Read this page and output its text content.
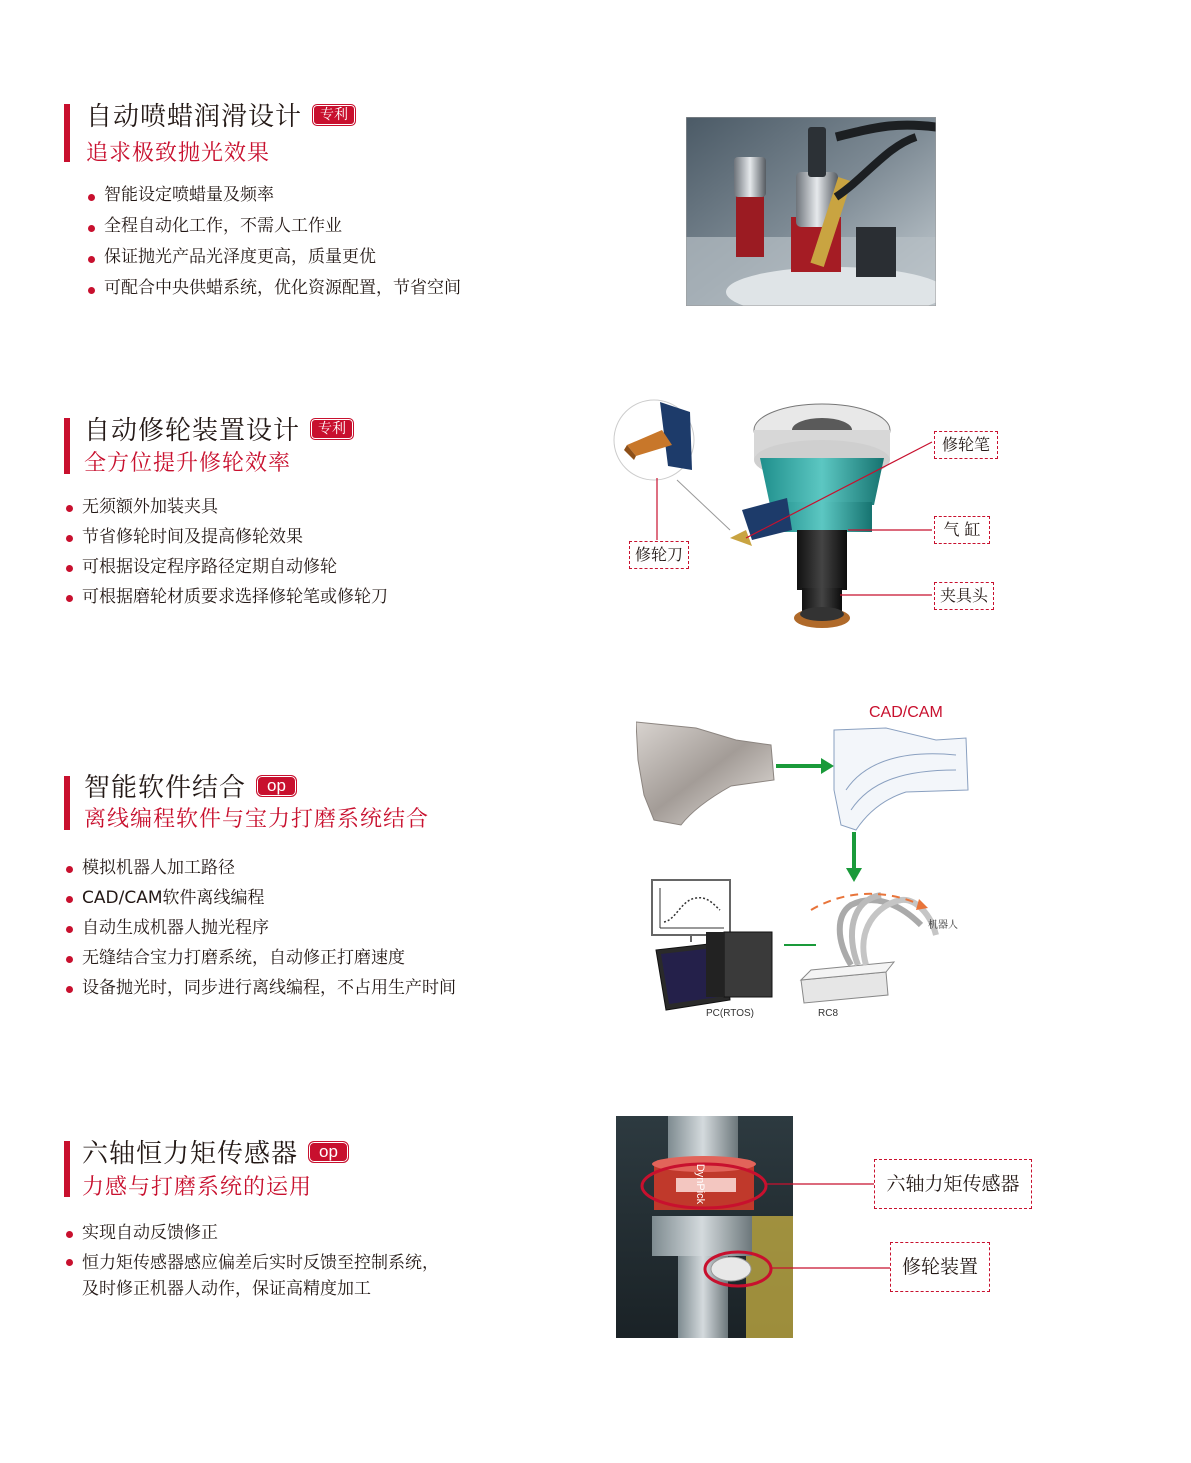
自动喷蜡润滑设计	专利
追求极致抛光效果
智能设定喷蜡量及频率
全程自动化工作，不需人工作业
保证抛光产品光泽度更高，质量更优
可配合中央供蜡系统，优化资源配置，节省空间
自动修轮装置设计	专利
全方位提升修轮效率
无须额外加装夹具
节省修轮时间及提高修轮效果
可根据设定程序路径定期自动修轮
可根据磨轮材质要求选择修轮笔或修轮刀
修轮笔
气 缸
夹具头
修轮刀
智能软件结合	op
离线编程软件与宝力打磨系统结合
模拟机器人加工路径
CAD/CAM软件离线编程
自动生成机器人抛光程序
无缝结合宝力打磨系统，自动修正打磨速度
设备抛光时，同步进行离线编程，不占用生产时间
CAD/CAM
机器人
PC(RTOS)	RC8
六轴恒力矩传感器	op
力感与打磨系统的运用
实现自动反馈修正
恒力矩传感器感应偏差后实时反馈至控制系统，及时修正机器人动作，保证高精度加工
DynPick	六轴力矩传感器
修轮装置
